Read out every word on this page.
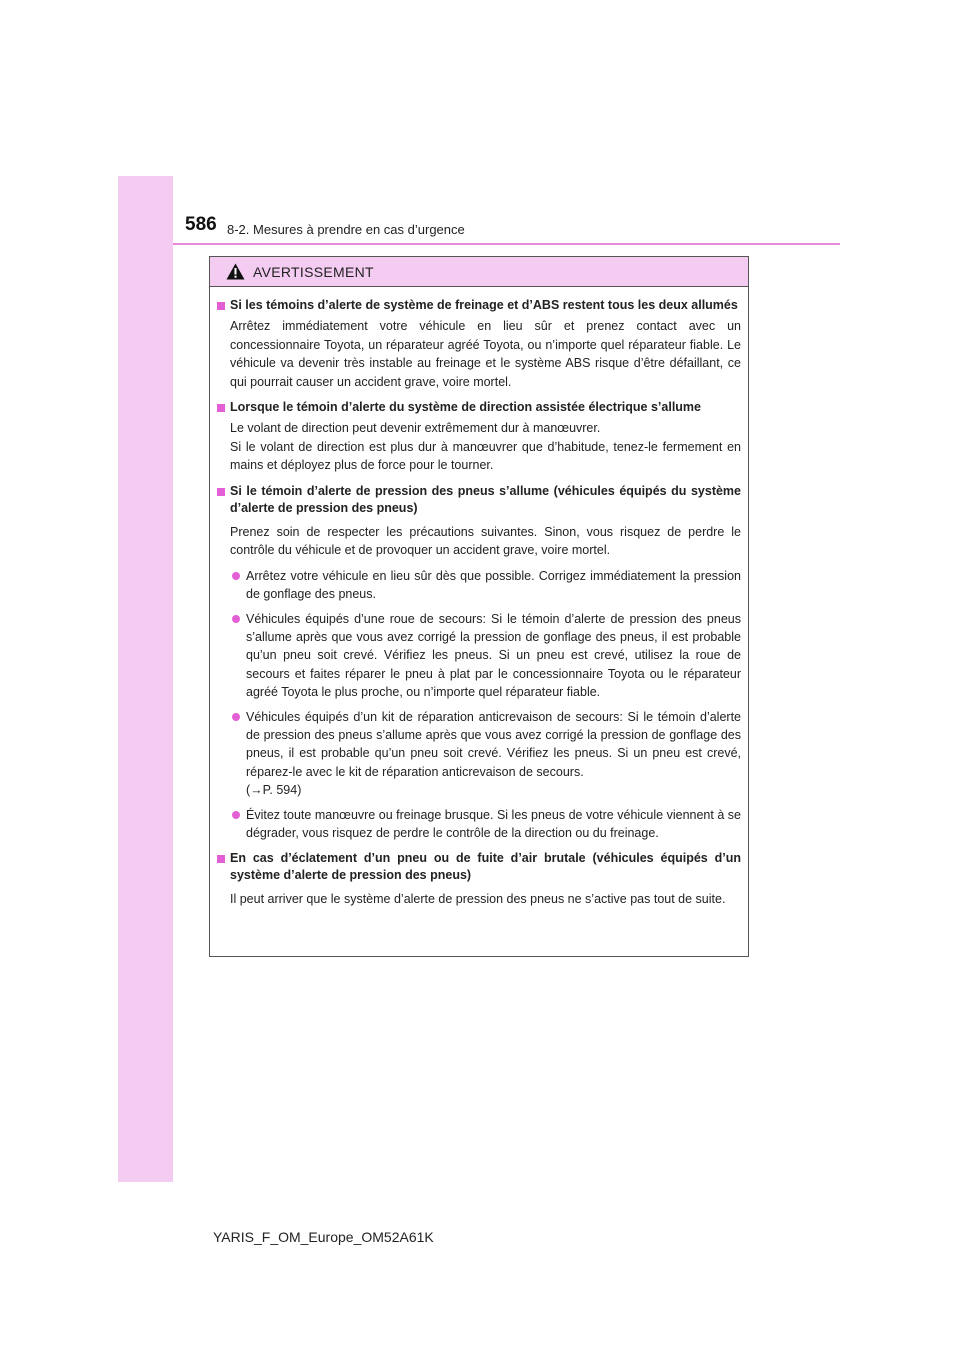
586 8-2. Mesures à prendre en cas d’urgence
AVERTISSEMENT
Si les témoins d’alerte de système de freinage et d’ABS restent tous les deux allumés
Arrêtez immédiatement votre véhicule en lieu sûr et prenez contact avec un concessionnaire Toyota, un réparateur agréé Toyota, ou n’importe quel réparateur fiable. Le véhicule va devenir très instable au freinage et le système ABS risque d’être défaillant, ce qui pourrait causer un accident grave, voire mortel.
Lorsque le témoin d’alerte du système de direction assistée électrique s’allume
Le volant de direction peut devenir extrêmement dur à manœuvrer.
Si le volant de direction est plus dur à manœuvrer que d’habitude, tenez-le fermement en mains et déployez plus de force pour le tourner.
Si le témoin d’alerte de pression des pneus s’allume (véhicules équipés du système d’alerte de pression des pneus)
Prenez soin de respecter les précautions suivantes. Sinon, vous risquez de perdre le contrôle du véhicule et de provoquer un accident grave, voire mortel.
Arrêtez votre véhicule en lieu sûr dès que possible. Corrigez immédiatement la pression de gonflage des pneus.
Véhicules équipés d’une roue de secours: Si le témoin d’alerte de pression des pneus s’allume après que vous avez corrigé la pression de gonflage des pneus, il est probable qu’un pneu soit crevé. Vérifiez les pneus. Si un pneu est crevé, utilisez la roue de secours et faites réparer le pneu à plat par le concessionnaire Toyota ou le réparateur agréé Toyota le plus proche, ou n’importe quel réparateur fiable.
Véhicules équipés d’un kit de réparation anticrevaison de secours: Si le témoin d’alerte de pression des pneus s’allume après que vous avez corrigé la pression de gonflage des pneus, il est probable qu’un pneu soit crevé. Vérifiez les pneus. Si un pneu est crevé, réparez-le avec le kit de réparation anticrevaison de secours.
(→P. 594)
Évitez toute manœuvre ou freinage brusque. Si les pneus de votre véhicule viennent à se dégrader, vous risquez de perdre le contrôle de la direction ou du freinage.
En cas d’éclatement d’un pneu ou de fuite d’air brutale (véhicules équipés d’un système d’alerte de pression des pneus)
Il peut arriver que le système d’alerte de pression des pneus ne s’active pas tout de suite.
YARIS_F_OM_Europe_OM52A61K
